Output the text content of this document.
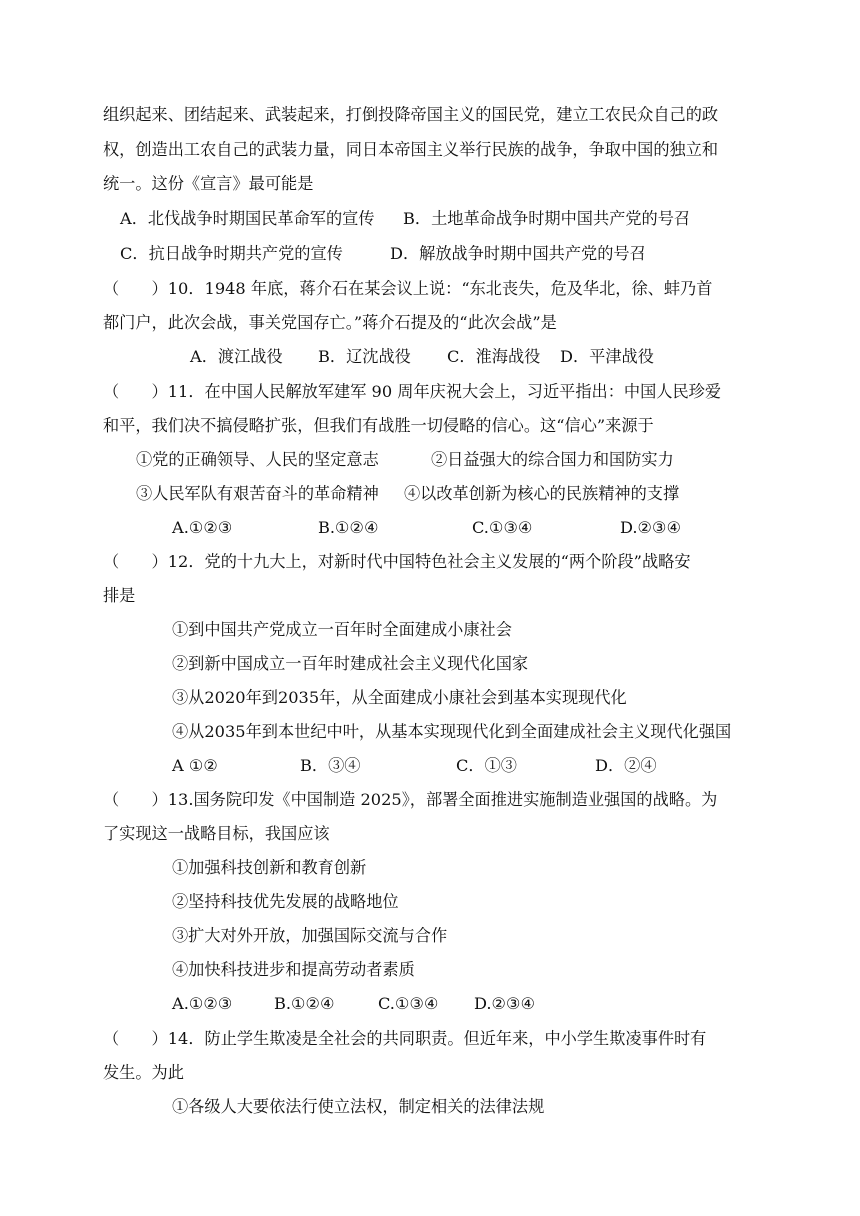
组织起来、团结起来、武装起来，打倒投降帝国主义的国民党，建立工农民众自己的政
权，创造出工农自己的武装力量，同日本帝国主义举行民族的战争，争取中国的独立和
统一。这份《宣言》最可能是
A．北伐战争时期国民革命军的宣传 B．土地革命战争时期中国共产党的号召
C．抗日战争时期共产党的宣传	D．解放战争时期中国共产党的号召
（　　）10．1948 年底，蒋介石在某会议上说：“东北丧失，危及华北，徐、蚌乃首
都门户，此次会战，事关党国存亡。”蒋介石提及的“此次会战”是
A．渡江战役 B．辽沈战役 C．淮海战役 D．平津战役
（　　）11．在中国人民解放军建军 90 周年庆祝大会上，习近平指出：中国人民珍爱
和平，我们决不搞侵略扩张，但我们有战胜一切侵略的信心。这“信心”来源于
①党的正确领导、人民的坚定意志	②日益强大的综合国力和国防实力
③人民军队有艰苦奋斗的革命精神 ④以改革创新为核心的民族精神的支撑
A.①②③	B.①②④	C.①③④	D.②③④
（　　）12．党的十九大上，对新时代中国特色社会主义发展的“两个阶段”战略安
排是
①到中国共产党成立一百年时全面建成小康社会
②到新中国成立一百年时建成社会主义现代化国家
③从2020年到2035年，从全面建成小康社会到基本实现现代化
④从2035年到本世纪中叶，从基本实现现代化到全面建成社会主义现代化强国
A ①②	B．③④	C．①③	D．②④
（　　）13.国务院印发《中国制造 2025》，部署全面推进实施制造业强国的战略。为
了实现这一战略目标，我国应该
①加强科技创新和教育创新
②坚持科技优先发展的战略地位
③扩大对外开放，加强国际交流与合作
④加快科技进步和提高劳动者素质
A.①②③	B.①②④	C.①③④ D.②③④
（　　）14．防止学生欺凌是全社会的共同职责。但近年来，中小学生欺凌事件时有
发生。为此
①各级人大要依法行使立法权，制定相关的法律法规
